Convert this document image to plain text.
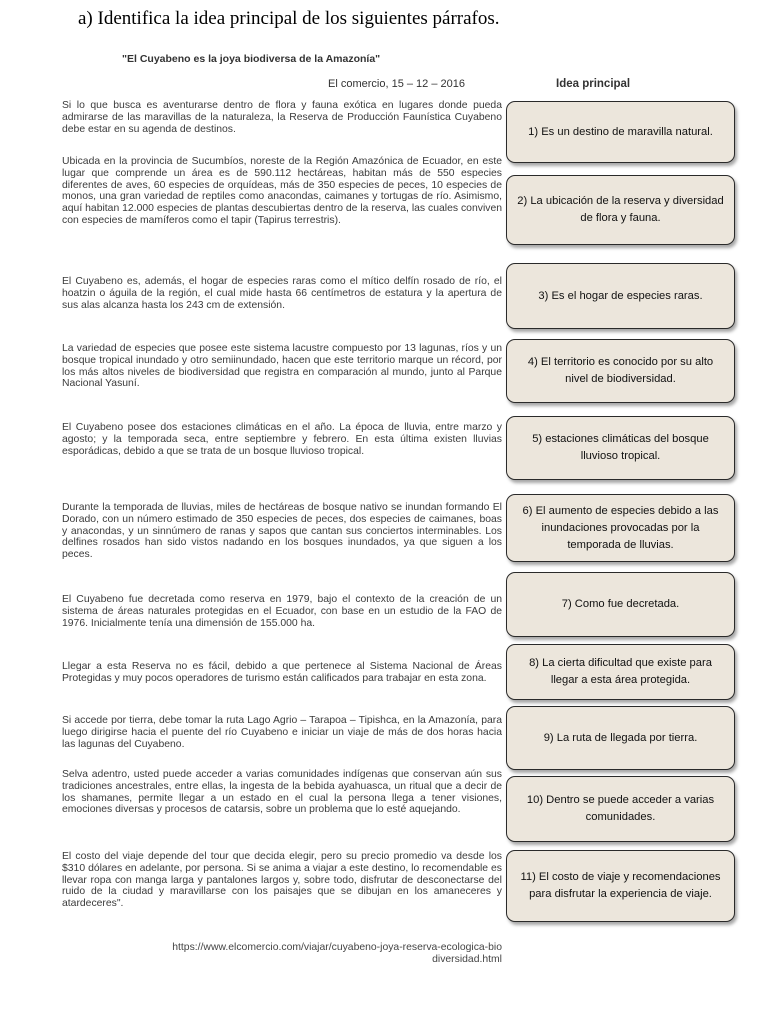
a) Identifica la idea principal de los siguientes párrafos.
"El Cuyabeno es la joya biodiversa de la Amazonía"
El comercio, 15 – 12 – 2016

Si lo que busca es aventurarse dentro de flora y fauna exótica en lugares donde pueda admirarse de las maravillas de la naturaleza, la Reserva de Producción Faunística Cuyabeno debe estar en su agenda de destinos.

Ubicada en la provincia de Sucumbíos, noreste de la Región Amazónica de Ecuador, en este lugar que comprende un área es de 590.112 hectáreas, habitan más de 550 especies diferentes de aves, 60 especies de orquídeas, más de 350 especies de peces, 10 especies de monos, una gran variedad de reptiles como anacondas, caimanes y tortugas de río. Asimismo, aquí habitan 12.000 especies de plantas descubiertas dentro de la reserva, las cuales conviven con especies de mamíferos como el tapir (Tapirus terrestris).

El Cuyabeno es, además, el hogar de especies raras como el mítico delfín rosado de río, el hoatzin o águila de la región, el cual mide hasta 66 centímetros de estatura y la apertura de sus alas alcanza hasta los 243 cm de extensión.

La variedad de especies que posee este sistema lacustre compuesto por 13 lagunas, ríos y un bosque tropical inundado y otro semiinundado, hacen que este territorio marque un récord, por los más altos niveles de biodiversidad que registra en comparación al mundo, junto al Parque Nacional Yasuní.

El Cuyabeno posee dos estaciones climáticas en el año. La época de lluvia, entre marzo y agosto; y la temporada seca, entre septiembre y febrero. En esta última existen lluvias esporádicas, debido a que se trata de un bosque lluvioso tropical.

Durante la temporada de lluvias, miles de hectáreas de bosque nativo se inundan formando El Dorado, con un número estimado de 350 especies de peces, dos especies de caimanes, boas y anacondas, y un sinnúmero de ranas y sapos que cantan sus conciertos interminables. Los delfines rosados han sido vistos nadando en los bosques inundados, ya que siguen a los peces.

El Cuyabeno fue decretada como reserva en 1979, bajo el contexto de la creación de un sistema de áreas naturales protegidas en el Ecuador, con base en un estudio de la FAO de 1976. Inicialmente tenía una dimensión de 155.000 ha.

Llegar a esta Reserva no es fácil, debido a que pertenece al Sistema Nacional de Áreas Protegidas y muy pocos operadores de turismo están calificados para trabajar en esta zona.

Si accede por tierra, debe tomar la ruta Lago Agrio – Tarapoa – Tipishca, en la Amazonía, para luego dirigirse hacia el puente del río Cuyabeno e iniciar un viaje de más de dos horas hacia las lagunas del Cuyabeno.

Selva adentro, usted puede acceder a varias comunidades indígenas que conservan aún sus tradiciones ancestrales, entre ellas, la ingesta de la bebida ayahuasca, un ritual que a decir de los shamanes, permite llegar a un estado en el cual la persona llega a tener visiones, emociones diversas y procesos de catarsis, sobre un problema que lo esté aquejando.

El costo del viaje depende del tour que decida elegir, pero su precio promedio va desde los $310 dólares en adelante, por persona. Si se anima a viajar a este destino, lo recomendable es llevar ropa con manga larga y pantalones largos y, sobre todo, disfrutar de desconectarse del ruido de la ciudad y maravillarse con los paisajes que se dibujan en los amaneceres y atardeceres".

https://www.elcomercio.com/viajar/cuyabeno-joya-reserva-ecologica-biodiversidad.html

Idea principal
1) Es un destino de maravilla natural.
2) La ubicación de la reserva y diversidad de flora y fauna.
3) Es el hogar de especies raras.
4) El territorio es conocido por su alto nivel de biodiversidad.
5) estaciones climáticas del bosque lluvioso tropical.
6) El aumento de especies debido a las inundaciones provocadas por la temporada de lluvias.
7) Como fue decretada.
8) La cierta dificultad que existe para llegar a esta área protegida.
9) La ruta de llegada por tierra.
10) Dentro se puede acceder a varias comunidades.
11) El costo de viaje y recomendaciones para disfrutar la experiencia de viaje.
